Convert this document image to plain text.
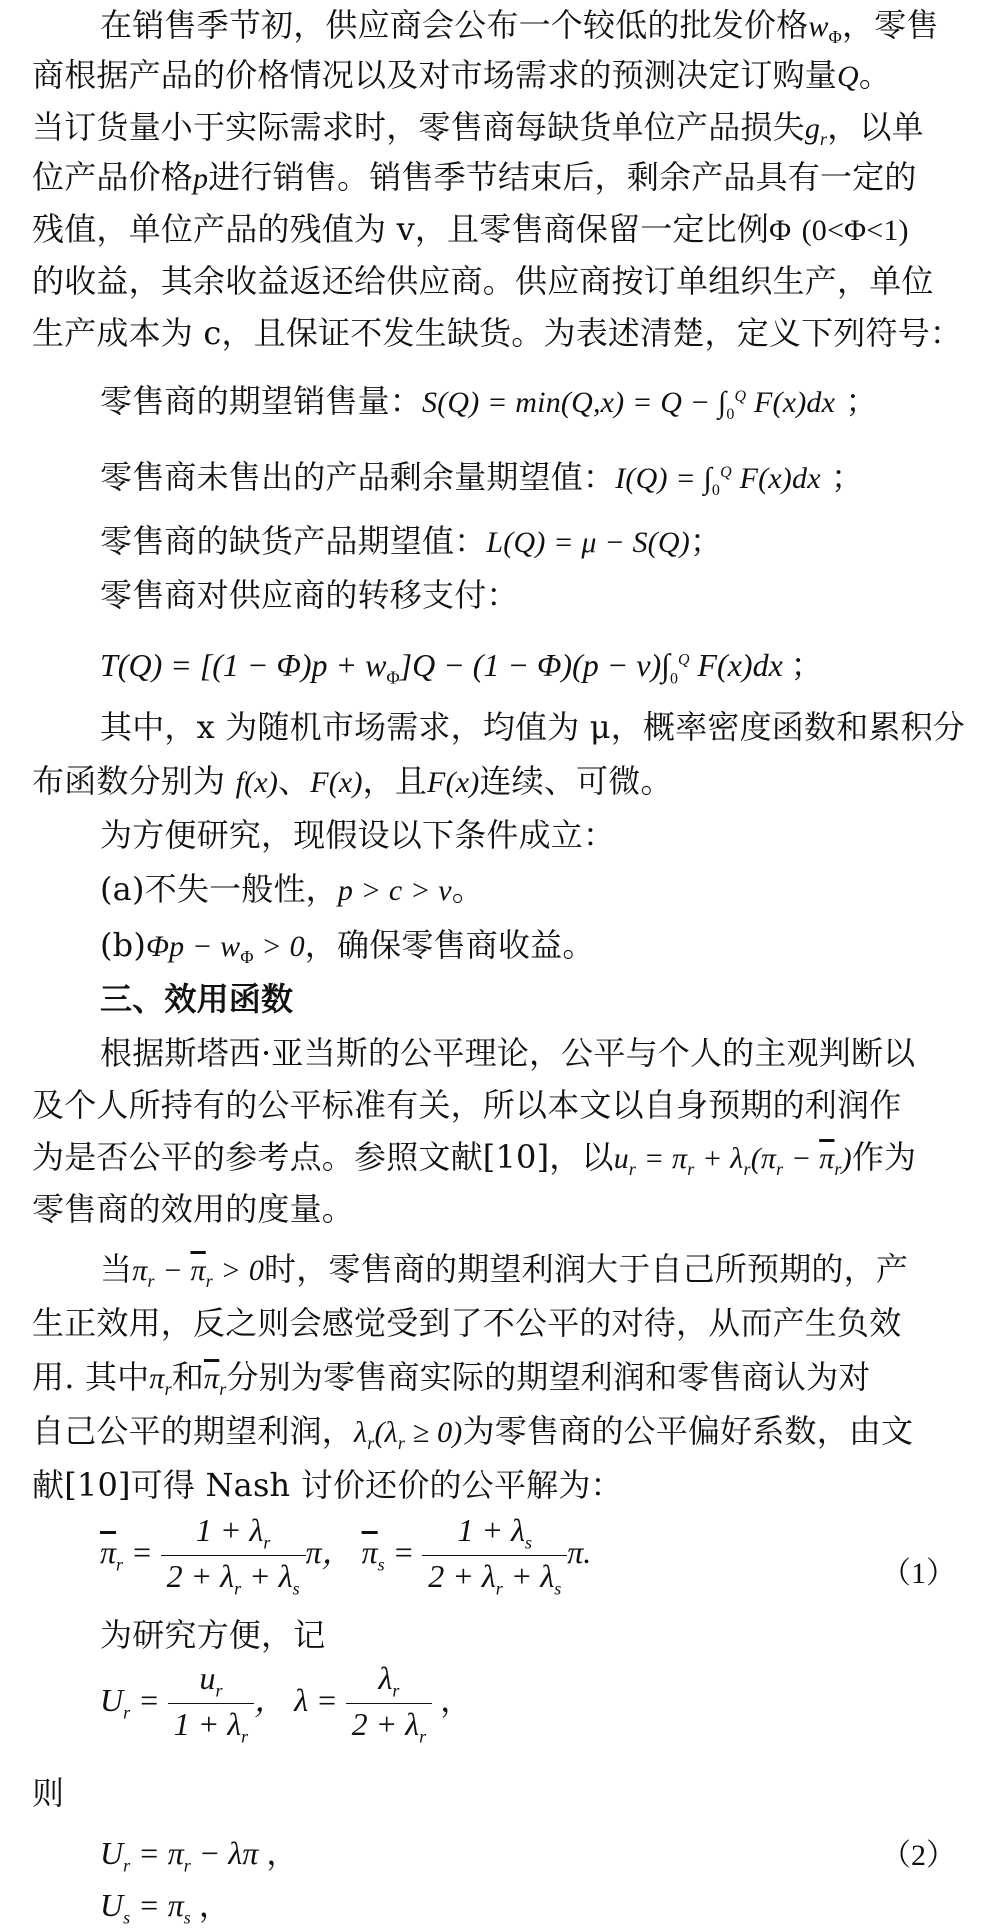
在销售季节初，供应商会公布一个较低的批发价格$w_\Phi$，零售
商根据产品的价格情况以及对市场需求的预测决定订购量Q。
当订货量小于实际需求时，零售商每缺货单位产品损失$g_r$，以单
位产品价格p进行销售。销售季节结束后，剩余产品具有一定的
残值，单位产品的残值为 v，且零售商保留一定比例Φ (0<Φ<1)
的收益，其余收益返还给供应商。供应商按订单组织生产，单位
生产成本为 c，且保证不发生缺货。为表述清楚，定义下列符号：
零售商的期望销售量：$S(Q) = \min(Q,x) = Q - \int_0^Q$ F(x)dx ；
零售商未售出的产品剩余量期望值：$I(Q) = \int_0^Q$ F(x)dx ；
零售商的缺货产品期望值：L(Q) = μ − S(Q)；
零售商对供应商的转移支付：
$T(Q) = [(1 - \Phi)p + w_\Phi]Q - (1 - \Phi)(p - v)\int_0^Q$ F(x)dx ；
其中，x 为随机市场需求，均值为 μ，概率密度函数和累积分
布函数分别为 f(x)、F(x)，且F(x)连续、可微。
为方便研究，现假设以下条件成立：
(a)不失一般性，p > c > v。
$(b)\Phi p - w_\Phi > 0$，确保零售商收益。
三、效用函数
根据斯塔西·亚当斯的公平理论，公平与个人的主观判断以
及个人所持有的公平标准有关，所以本文以自身预期的利润作
为是否公平的参考点。参照文献[10]，以$u_r = \pi_r + \lambda_r(\pi_r - \overline{\pi}_r)$作为
零售商的效用的度量。
当$\pi_r - \overline{\pi}_r > 0$时，零售商的期望利润大于自己所预期的，产
生正效用，反之则会感觉受到了不公平的对待，从而产生负效
用. 其中$\pi_r$和$\overline{\pi}_r$分别为零售商实际的期望利润和零售商认为对
自己公平的期望利润，$\lambda_r(\lambda_r \ge 0)$为零售商的公平偏好系数，由文
献[10]可得 Nash 讨价还价的公平解为：
$\overline{\pi}_r = \frac{1 + \lambda_r}{2 + \lambda_r + \lambda_s}$ π， $\overline{\pi}_s = \frac{1 + \lambda_s}{2 + \lambda_r + \lambda_s} \pi$.
（1）
为研究方便，记
$U_r = \frac{u_r}{1 + \lambda_r}$ ， $\lambda = \frac{\lambda_r}{2 + \lambda_r}$ ，
则
$U_r = \pi_r - \lambda\pi$ ，	（2）
$U_s = \pi_s$ ，
